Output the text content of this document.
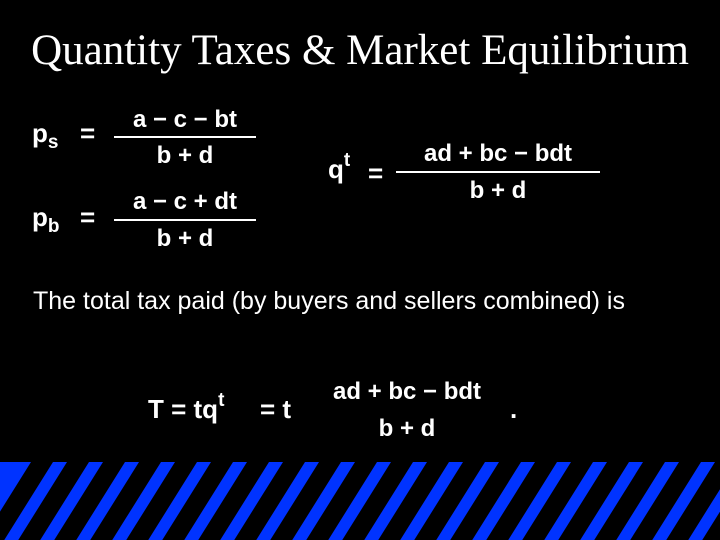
Quantity Taxes & Market Equilibrium
$p_s$ =	a − c − bt
b + d
$p_b$ =
a − c + dt
b + d
$q^t$ =
ad + bc − bdt
b + d
The total tax paid (by buyers and sellers combined) is
$T = tq^t = t$
ad + bc − bdt
b + d
.
